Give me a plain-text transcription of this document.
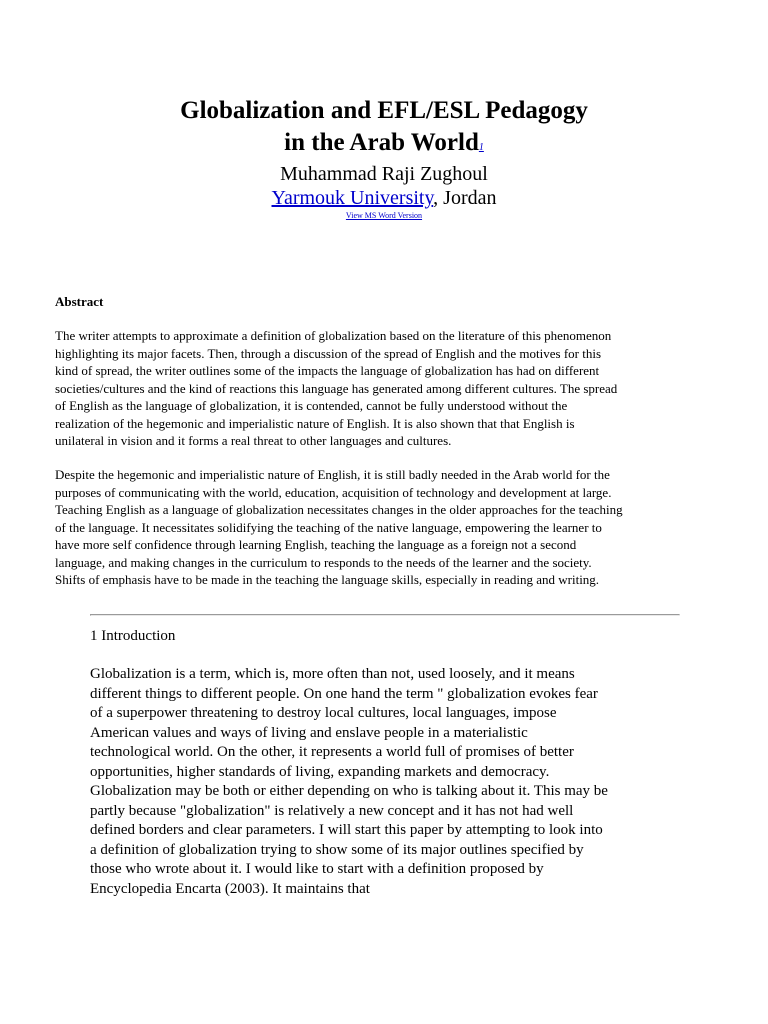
Globalization and EFL/ESL Pedagogy
in the Arab World1
Muhammad Raji Zughoul
Yarmouk University, Jordan
View MS Word Version
Abstract

The writer attempts to approximate a definition of globalization based on the literature of this phenomenon
highlighting its major facets. Then, through a discussion of the spread of English and the motives for this
kind of spread, the writer outlines some of the impacts the language of globalization has had on different
societies/cultures and the kind of reactions this language has generated among different cultures. The spread
of English as the language of globalization, it is contended, cannot be fully understood without the
realization of the hegemonic and imperialistic nature of English. It is also shown that that English is
unilateral in vision and it forms a real threat to other languages and cultures.

Despite the hegemonic and imperialistic nature of English, it is still badly needed in the Arab world for the
purposes of communicating with the world, education, acquisition of technology and development at large.
Teaching English as a language of globalization necessitates changes in the older approaches for the teaching
of the language. It necessitates solidifying the teaching of the native language, empowering the learner to
have more self confidence through learning English, teaching the language as a foreign not a second
language, and making changes in the curriculum to responds to the needs of the learner and the society.
Shifts of emphasis have to be made in the teaching the language skills, especially in reading and writing.

1 Introduction

Globalization is a term, which is, more often than not, used loosely, and it means
different things to different people. On one hand the term " globalization evokes fear
of a superpower threatening to destroy local cultures, local languages, impose
American values and ways of living and enslave people in a materialistic
technological world. On the other, it represents a world full of promises of better
opportunities, higher standards of living, expanding markets and democracy.
Globalization may be both or either depending on who is talking about it. This may be
partly because "globalization" is relatively a new concept and it has not had well
defined borders and clear parameters. I will start this paper by attempting to look into
a definition of globalization trying to show some of its major outlines specified by
those who wrote about it. I would like to start with a definition proposed by
Encyclopedia Encarta (2003). It maintains that
